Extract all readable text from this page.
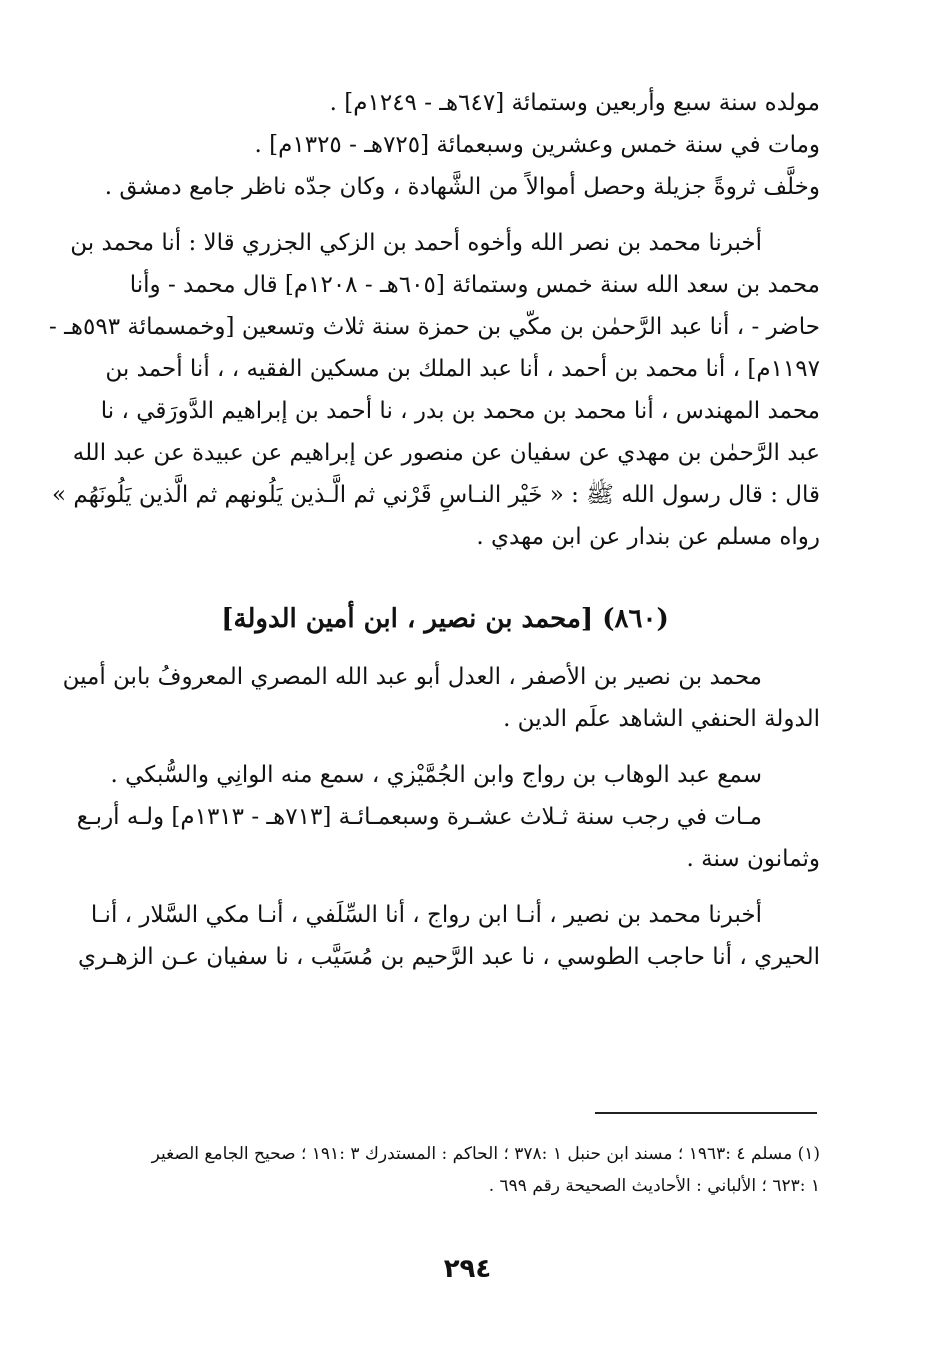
مولده سنة سبع وأربعين وستمائة [٦٤٧هـ - ١٢٤٩م] .
ومات في سنة خمس وعشرين وسبعمائة [٧٢٥هـ - ١٣٢٥م] .
وخلَّف ثروةً جزيلة وحصل أموالاً من الشَّهادة ، وكان جدّه ناظر جامع دمشق .
أخبرنا محمد بن نصر الله وأخوه أحمد بن الزكي الجزري قالا : أنا محمد بن
محمد بن سعد الله سنة خمس وستمائة [٦٠٥هـ - ١٢٠٨م] قال محمد - وأنا
حاضر - ، أنا عبد الرَّحمٰن بن مكّي بن حمزة سنة ثلاث وتسعين [وخمسمائة ٥٩٣هـ -
١١٩٧م] ، أنا محمد بن أحمد ، أنا عبد الملك بن مسكين الفقيه ، ، أنا أحمد بن
محمد المهندس ، أنا محمد بن محمد بن بدر ، نا أحمد بن إبراهيم الدَّورَقي ، نا
عبد الرَّحمٰن بن مهدي عن سفيان عن منصور عن إبراهيم عن عبيدة عن عبد الله
قال : قال رسول الله ﷺ : « خَيْر النـاسِ قَرْني ثم الَّـذين يَلُونهم ثم الَّذين يَلُونَهُم »
رواه مسلم عن بندار عن ابن مهدي .
(٨٦٠) [محمد بن نصير ، ابن أمين الدولة]
محمد بن نصير بن الأصفر ، العدل أبو عبد الله المصري المعروفُ بابن أمين
الدولة الحنفي الشاهد علَم الدين .
سمع عبد الوهاب بن رواج وابن الجُمَّيْزي ، سمع منه الوانِي والسُّبكي .
مـات في رجب سنة ثـلاث عشـرة وسبعمـائـة [٧١٣هـ - ١٣١٣م] ولـه أربـع
وثمانون سنة .
أخبرنا محمد بن نصير ، أنـا ابن رواج ، أنا السِّلَفي ، أنـا مكي السَّلار ، أنـا
الحيري ، أنا حاجب الطوسي ، نا عبد الرَّحيم بن مُسَيَّب ، نا سفيان عـن الزهـري
(١) مسلم ٤ :١٩٦٣ ؛ مسند ابن حنبل ١ :٣٧٨ ؛ الحاكم : المستدرك ٣ :١٩١ ؛ صحيح الجامع الصغير
١ :٦٢٣ ؛ الألباني : الأحاديث الصحيحة رقم ٦٩٩ .
٢٩٤
